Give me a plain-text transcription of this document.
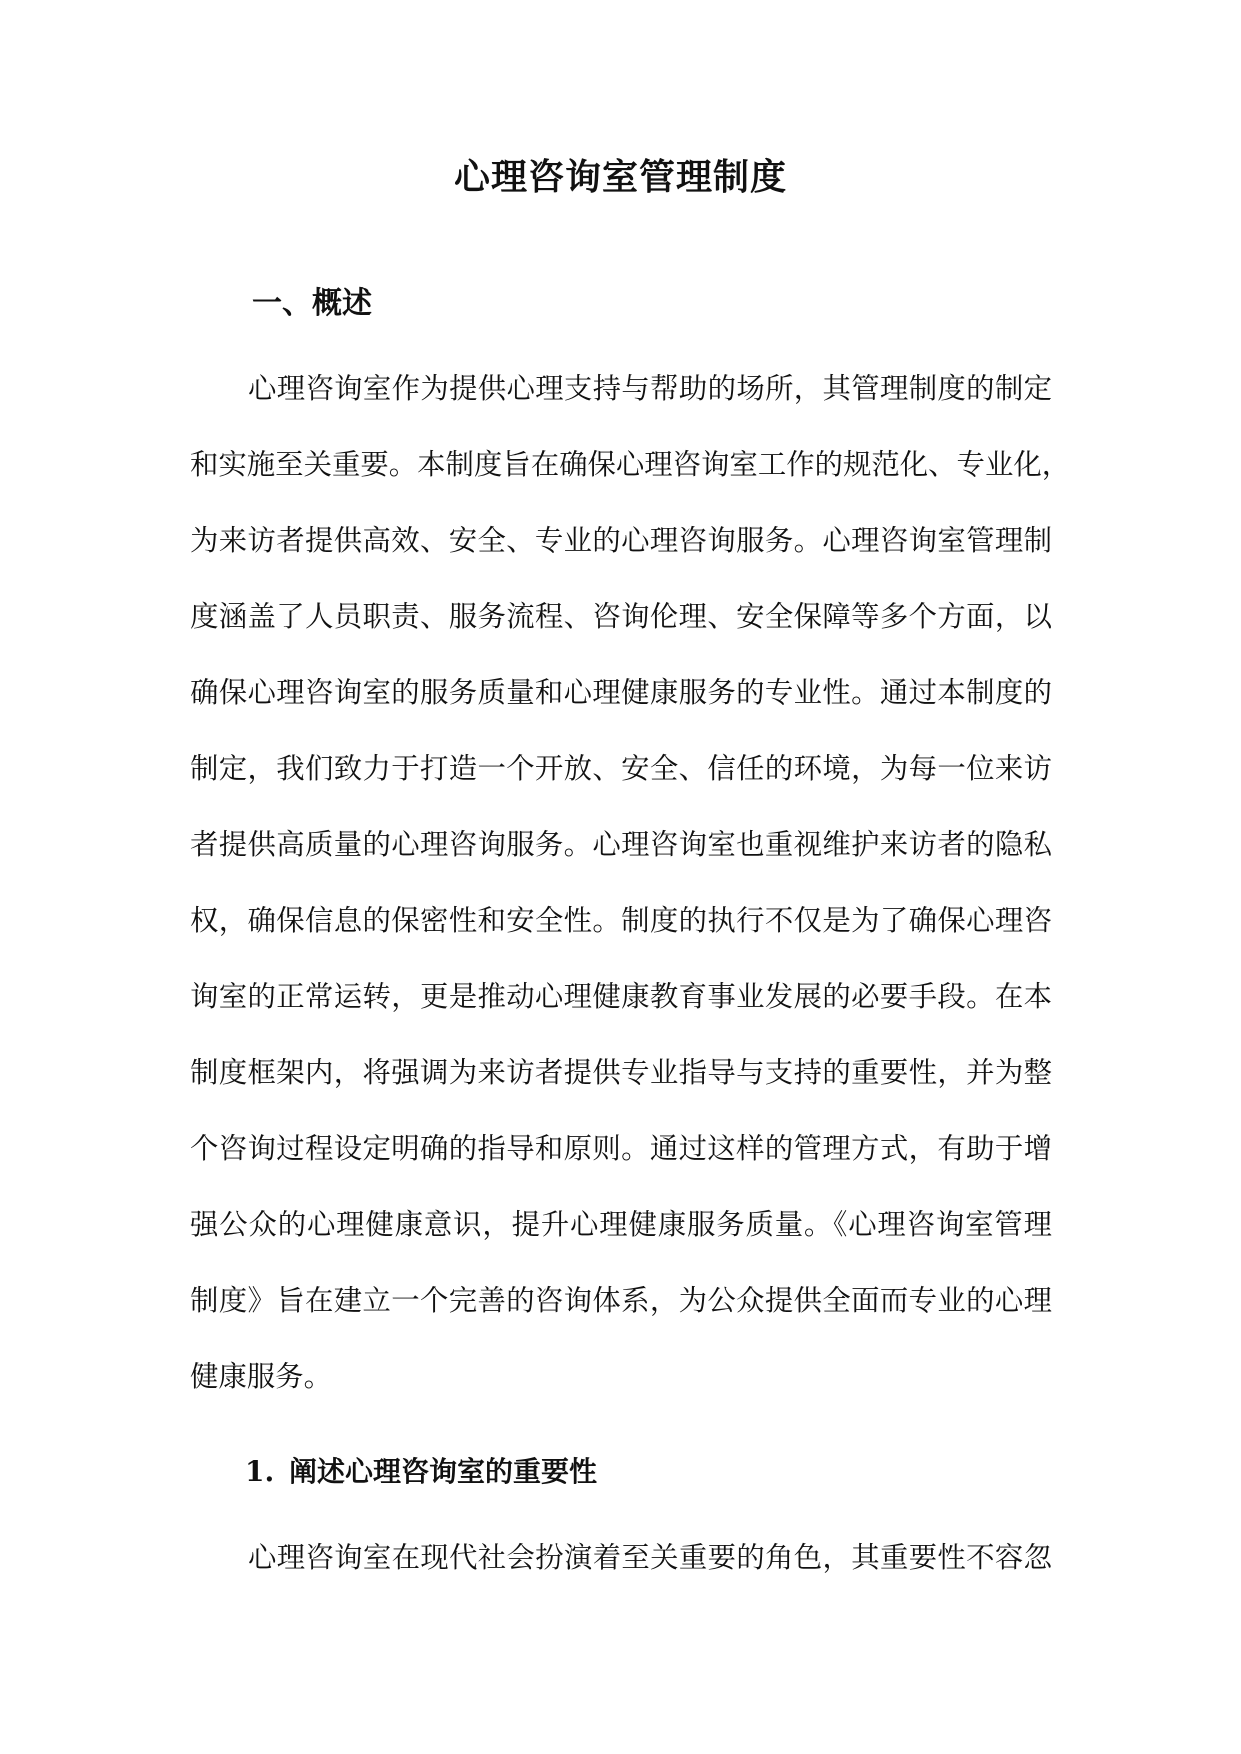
心理咨询室管理制度
一、概述
心理咨询室作为提供心理支持与帮助的场所，其管理制度的制定
和实施至关重要。本制度旨在确保心理咨询室工作的规范化、专业化，
为来访者提供高效、安全、专业的心理咨询服务。心理咨询室管理制
度涵盖了人员职责、服务流程、咨询伦理、安全保障等多个方面，以
确保心理咨询室的服务质量和心理健康服务的专业性。通过本制度的
制定，我们致力于打造一个开放、安全、信任的环境，为每一位来访
者提供高质量的心理咨询服务。心理咨询室也重视维护来访者的隐私
权，确保信息的保密性和安全性。制度的执行不仅是为了确保心理咨
询室的正常运转，更是推动心理健康教育事业发展的必要手段。在本
制度框架内，将强调为来访者提供专业指导与支持的重要性，并为整
个咨询过程设定明确的指导和原则。通过这样的管理方式，有助于增
强公众的心理健康意识，提升心理健康服务质量。《心理咨询室管理
制度》旨在建立一个完善的咨询体系，为公众提供全面而专业的心理
健康服务。
1. 阐述心理咨询室的重要性
心理咨询室在现代社会扮演着至关重要的角色，其重要性不容忽
